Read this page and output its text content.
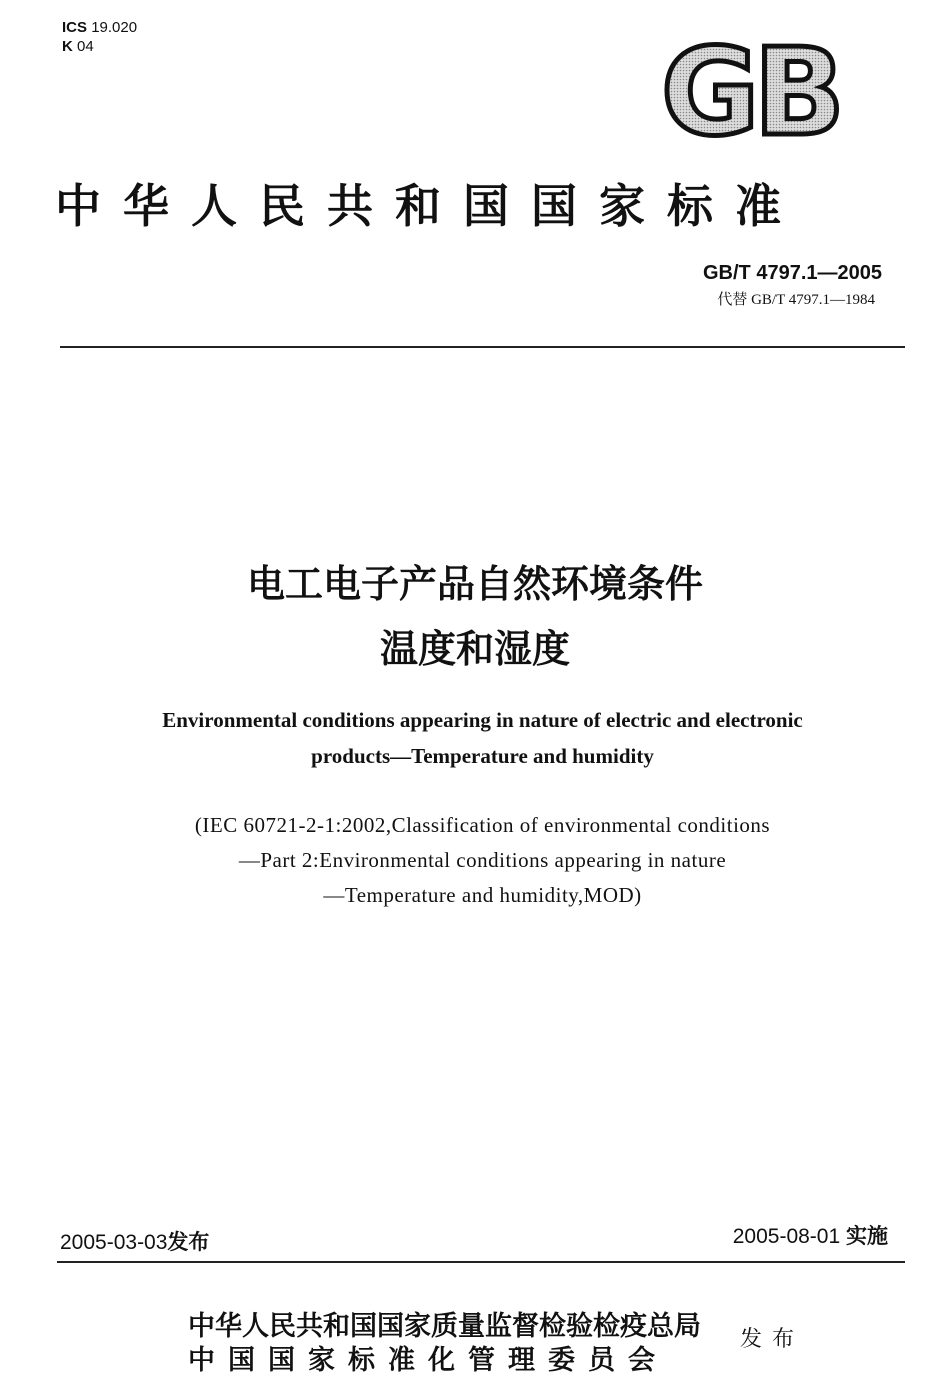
ICS 19.020
K 04	GB
中华人民共和国国家标准
GB/T 4797.1—2005
代替 GB/T 4797.1—1984
电工电子产品自然环境条件
温度和湿度
Environmental conditions appearing in nature of electric and electronic
products—Temperature and humidity
(IEC 60721-2-1:2002,Classification of environmental conditions
—Part 2:Environmental conditions appearing in nature
—Temperature and humidity,MOD)
2005-03-03发布	2005-08-01 实施
中华人民共和国国家质量监督检验检疫总局
中国国家标准化管理委员会
发布
